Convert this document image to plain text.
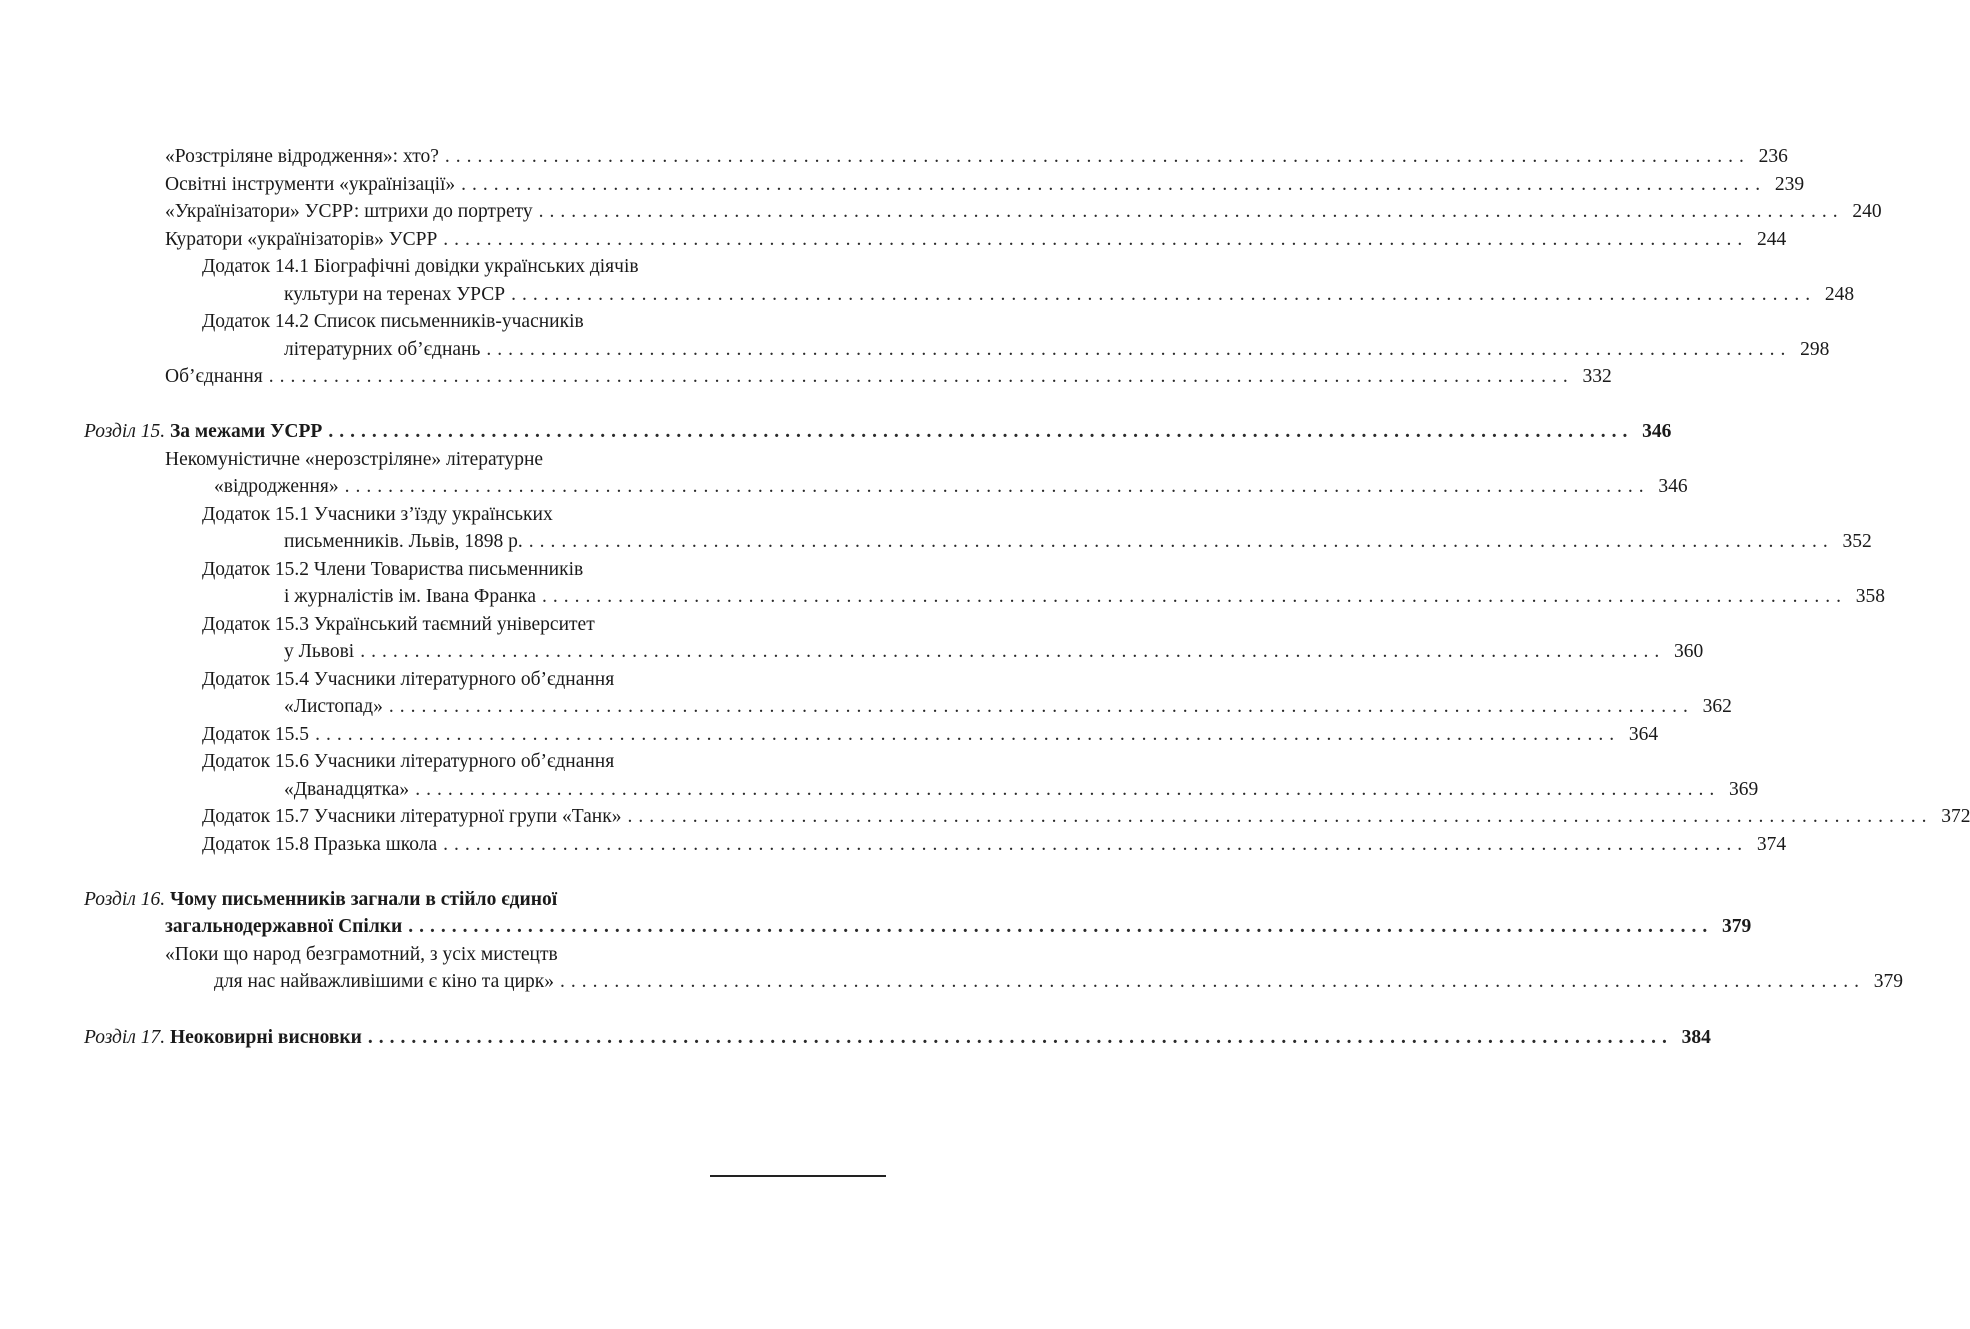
«Розстріляне відродження»: хто? ........................................................................................................................ 236
Освітні інструменти «українізації» ........................................................................................................................ 239
«Українізатори» УСРР: штрихи до портрету ........................................................................................................................ 240
Куратори «українізаторів» УСРР ........................................................................................................................ 244
Додаток 14.1 Біографічні довідки українських діячів
культури на теренах УРСР ........................................................................................................................ 248
Додаток 14.2 Список письменників-учасників
літературних об’єднань ........................................................................................................................ 298
Об’єднання ........................................................................................................................ 332
Розділ 15. За межами УСРР ........................................................................................................................ 346
Некомуністичне «нерозстріляне» літературне
«відродження» ........................................................................................................................ 346
Додаток 15.1 Учасники з’їзду українських
письменників. Львів, 1898 р. ........................................................................................................................ 352
Додаток 15.2 Члени Товариства письменників
і журналістів ім. Івана Франка ........................................................................................................................ 358
Додаток 15.3 Український таємний університет
у Львові ........................................................................................................................ 360
Додаток 15.4 Учасники літературного об’єднання
«Листопад» ........................................................................................................................ 362
Додаток 15.5 ........................................................................................................................ 364
Додаток 15.6 Учасники літературного об’єднання
«Дванадцятка» ........................................................................................................................ 369
Додаток 15.7 Учасники літературної групи «Танк» ........................................................................................................................ 372
Додаток 15.8 Празька школа ........................................................................................................................ 374
Розділ 16. Чому письменників загнали в стійло єдиної
загальнодержавної Спілки ........................................................................................................................ 379
«Поки що народ безграмотний, з усіх мистецтв
для нас найважливішими є кіно та цирк» ........................................................................................................................ 379
Розділ 17. Неоковирні висновки ........................................................................................................................ 384
